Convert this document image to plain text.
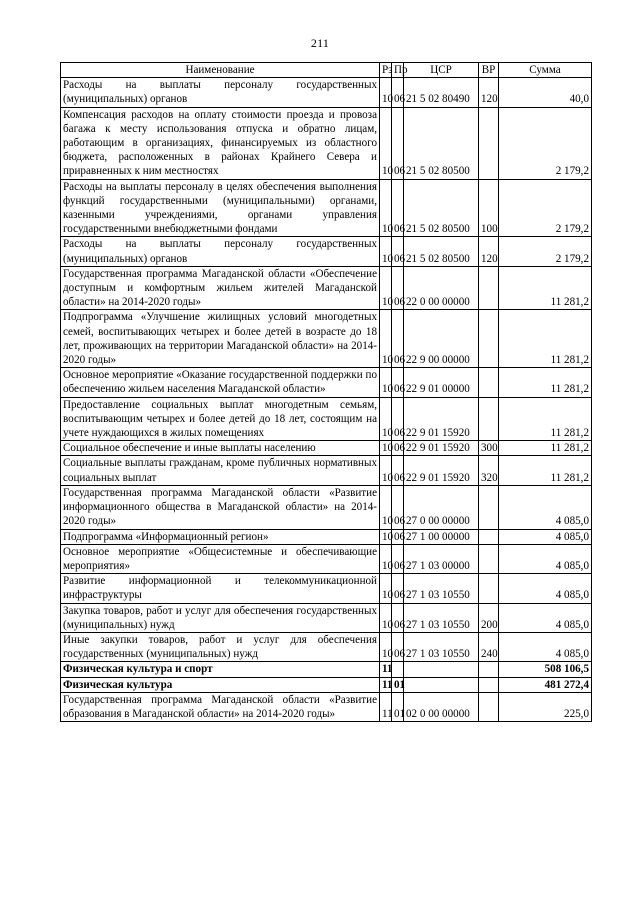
211
Наименование	Рз	Пр	ЦСР	ВР	Сумма
Расходы на выплаты персоналу государственных (муниципальных) органов	10	06	21 5 02 80490	120	40,0
Компенсация расходов на оплату стоимости проезда и провоза багажа к месту использования отпуска и обратно лицам, работающим в организациях, финансируемых из областного бюджета, расположенных в районах Крайнего Севера и приравненных к ним местностях	10	06	21 5 02 80500		2 179,2
Расходы на выплаты персоналу в целях обеспечения выполнения функций государственными (муниципальными) органами, казенными учреждениями, органами управления государственными внебюджетными фондами	10	06	21 5 02 80500	100	2 179,2
Расходы на выплаты персоналу государственных (муниципальных) органов	10	06	21 5 02 80500	120	2 179,2
Государственная программа Магаданской области «Обеспечение доступным и комфортным жильем жителей Магаданской области» на 2014-2020 годы»	10	06	22 0 00 00000		11 281,2
Подпрограмма «Улучшение жилищных условий многодетных семей, воспитывающих четырех и более детей в возрасте до 18 лет, проживающих на территории Магаданской области» на 2014-2020 годы»	10	06	22 9 00 00000		11 281,2
Основное мероприятие «Оказание государственной поддержки по обеспечению жильем населения Магаданской области»	10	06	22 9 01 00000		11 281,2
Предоставление социальных выплат многодетным семьям, воспитывающим четырех и более детей до 18 лет, состоящим на учете нуждающихся в жилых помещениях	10	06	22 9 01 15920		11 281,2
Социальное обеспечение и иные выплаты населению	10	06	22 9 01 15920	300	11 281,2
Социальные выплаты гражданам, кроме публичных нормативных социальных выплат	10	06	22 9 01 15920	320	11 281,2
Государственная программа Магаданской области «Развитие информационного общества в Магаданской области» на 2014-2020 годы»	10	06	27 0 00 00000		4 085,0
Подпрограмма «Информационный регион»	10	06	27 1 00 00000		4 085,0
Основное мероприятие «Общесистемные и обеспечивающие мероприятия»	10	06	27 1 03 00000		4 085,0
Развитие информационной и телекоммуникационной инфраструктуры	10	06	27 1 03 10550		4 085,0
Закупка товаров, работ и услуг для обеспечения государственных (муниципальных) нужд	10	06	27 1 03 10550	200	4 085,0
Иные закупки товаров, работ и услуг для обеспечения государственных (муниципальных) нужд	10	06	27 1 03 10550	240	4 085,0
Физическая культура и спорт	11				508 106,5
Физическая культура	11	01			481 272,4
Государственная программа Магаданской области «Развитие образования в Магаданской области» на 2014-2020 годы»	11	01	02 0 00 00000		225,0
